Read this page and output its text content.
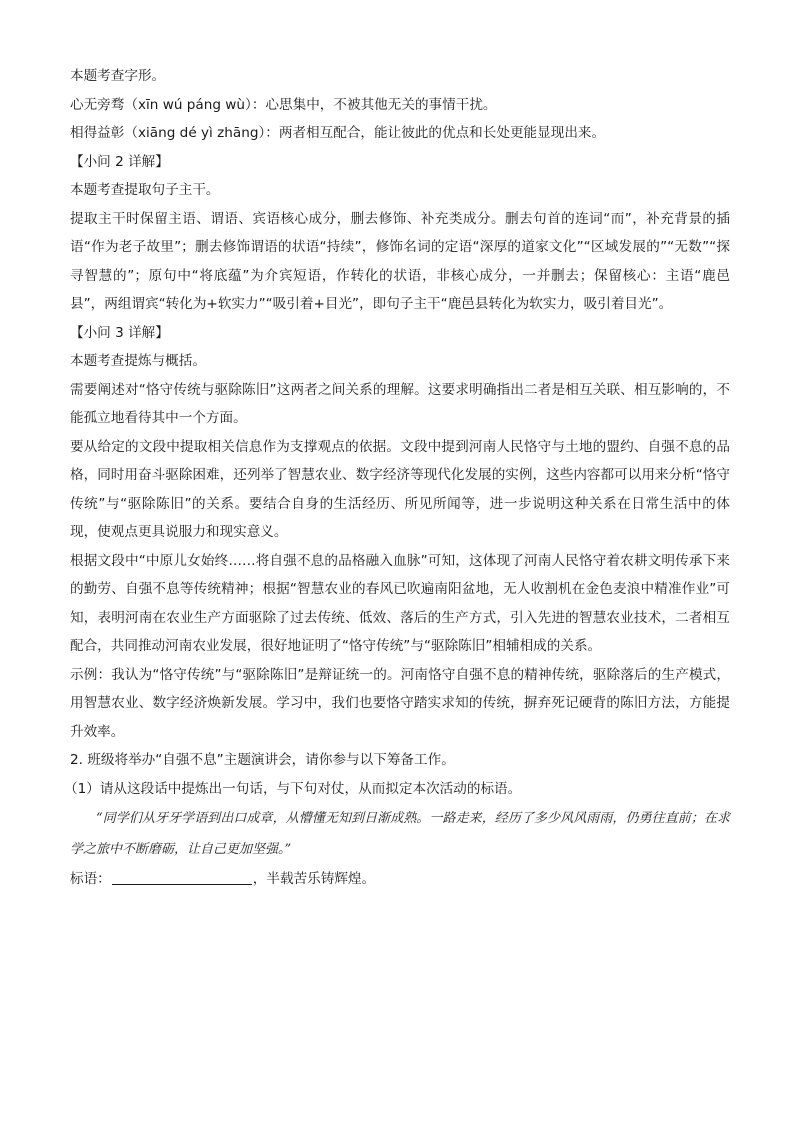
本题考查字形。

心无旁骛（xīn wú páng wù）：心思集中，不被其他无关的事情干扰。

相得益彰（xiāng dé yì zhāng）：两者相互配合，能让彼此的优点和长处更能显现出来。

【小问 2 详解】

本题考查提取句子主干。

提取主干时保留主语、谓语、宾语核心成分，删去修饰、补充类成分。删去句首的连词“而”，补充背景的插语“作为老子故里”；删去修饰谓语的状语“持续”，修饰名词的定语“深厚的道家文化”“区域发展的”“无数”“探寻智慧的”；原句中“将底蕴”为介宾短语，作转化的状语，非核心成分，一并删去；保留核心：主语“鹿邑县”，两组谓宾“转化为+软实力”“吸引着+目光”，即句子主干“鹿邑县转化为软实力，吸引着目光”。

【小问 3 详解】

本题考查提炼与概括。

需要阐述对“恪守传统与驱除陈旧”这两者之间关系的理解。这要求明确指出二者是相互关联、相互影响的，不能孤立地看待其中一个方面。

要从给定的文段中提取相关信息作为支撑观点的依据。文段中提到河南人民恪守与土地的盟约、自强不息的品格，同时用奋斗驱除困难，还列举了智慧农业、数字经济等现代化发展的实例，这些内容都可以用来分析“恪守传统”与“驱除陈旧”的关系。要结合自身的生活经历、所见所闻等，进一步说明这种关系在日常生活中的体现，使观点更具说服力和现实意义。

根据文段中“中原儿女始终……将自强不息的品格融入血脉”可知，这体现了河南人民恪守着农耕文明传承下来的勤劳、自强不息等传统精神；根据“智慧农业的春风已吹遍南阳盆地，无人收割机在金色麦浪中精准作业”可知，表明河南在农业生产方面驱除了过去传统、低效、落后的生产方式，引入先进的智慧农业技术，二者相互配合，共同推动河南农业发展，很好地证明了“恪守传统”与“驱除陈旧”相辅相成的关系。

示例：我认为“恪守传统”与“驱除陈旧”是辩证统一的。河南恪守自强不息的精神传统，驱除落后的生产模式，用智慧农业、数字经济焕新发展。学习中，我们也要恪守踏实求知的传统，摒弃死记硬背的陈旧方法，方能提升效率。

2. 班级将举办“自强不息”主题演讲会，请你参与以下筹备工作。

（1）请从这段话中提炼出一句话，与下句对仗，从而拟定本次活动的标语。

“同学们从牙牙学语到出口成章，从懵懂无知到日渐成熟。一路走来，经历了多少风风雨雨，仍勇往直前；在求学之旅中不断磨砺，让自己更加坚强。”

标语：	，半载苦乐铸辉煌。
